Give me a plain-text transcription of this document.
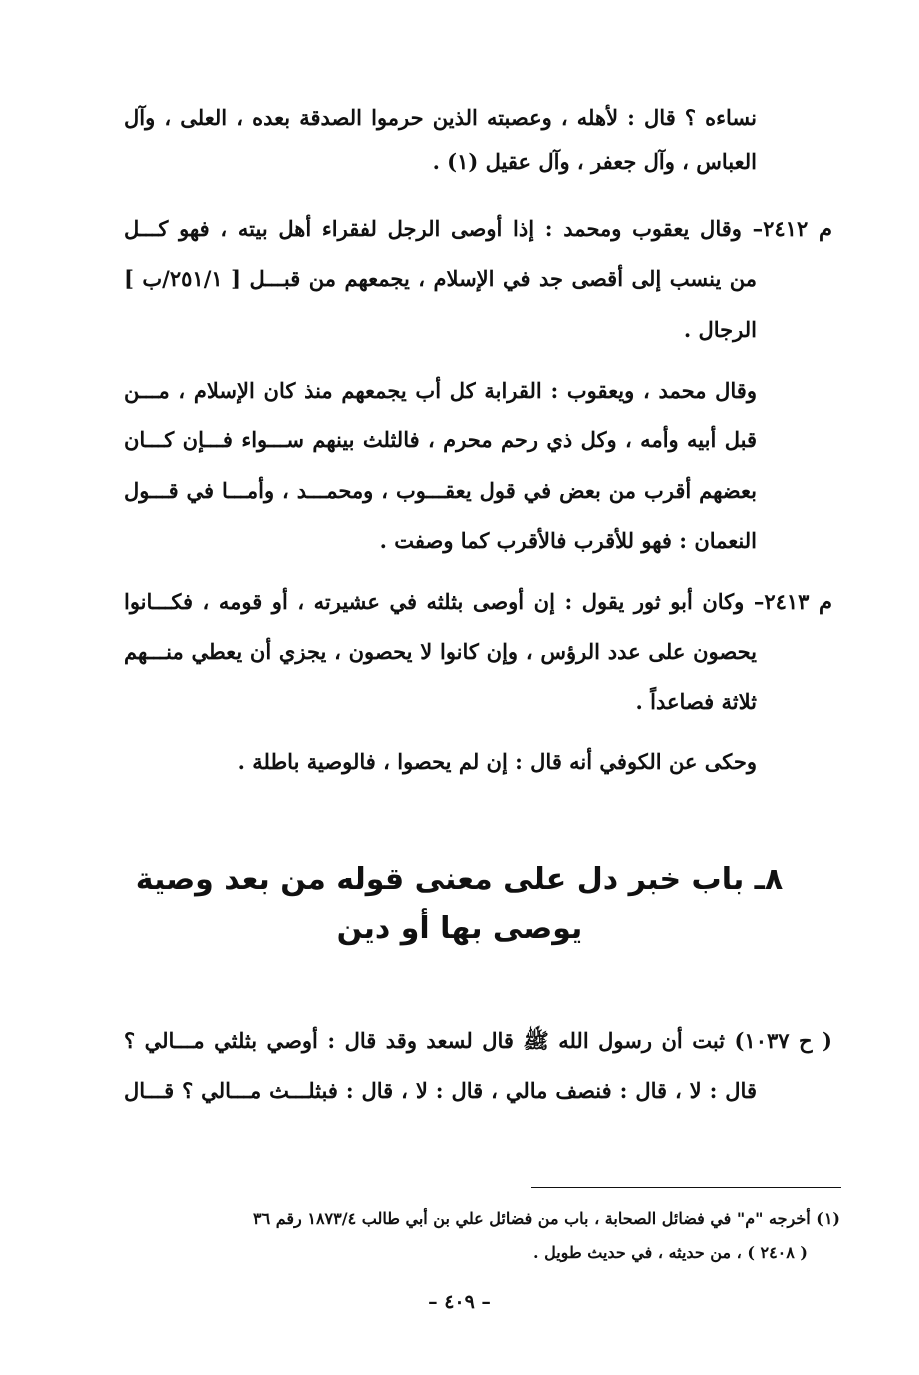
نساءه ؟ قال : لأهله ، وعصبته الذين حرموا الصدقة بعده ، العلى ، وآل
العباس ، وآل جعفر ، وآل عقيل (١) .
م ٢٤١٢– وقال يعقوب ومحمد : إذا أوصى الرجل لفقراء أهل بيته ، فهو كـــل
من ينسب إلى أقصى جد في الإسلام ، يجمعهم من قبـــل [ ٢٥١/١/ب ]
الرجال .
وقال محمد ، ويعقوب : القرابة كل أب يجمعهم منذ كان الإسلام ، مـــن
قبل أبيه وأمه ، وكل ذي رحم محرم ، فالثلث بينهم ســـواء فـــإن كـــان
بعضهم أقرب من بعض في قول يعقـــوب ، ومحمـــد ، وأمـــا في قـــول
النعمان : فهو للأقرب فالأقرب كما وصفت .
م ٢٤١٣– وكان أبو ثور يقول : إن أوصى بثلثه في عشيرته ، أو قومه ، فكـــانوا
يحصون على عدد الرؤس ، وإن كانوا لا يحصون ، يجزي أن يعطي منـــهم
ثلاثة فصاعداً .
وحكى عن الكوفي أنه قال : إن لم يحصوا ، فالوصية باطلة .
٨ـ باب خبر دل على معنى قوله من بعد وصية
يوصى بها أو دين
( ح ١٠٣٧) ثبت أن رسول الله ﷺ قال لسعد وقد قال : أوصي بثلثي مـــالي ؟
قال : لا ، قال : فنصف مالي ، قال : لا ، قال : فبثلـــث مـــالي ؟ قـــال
(١) أخرجه "م" في فضائل الصحابة ، باب من فضائل علي بن أبي طالب ١٨٧٣/٤ رقم ٣٦
( ٢٤٠٨ ) ، من حديثه ، في حديث طويل .
– ٤٠٩ –
